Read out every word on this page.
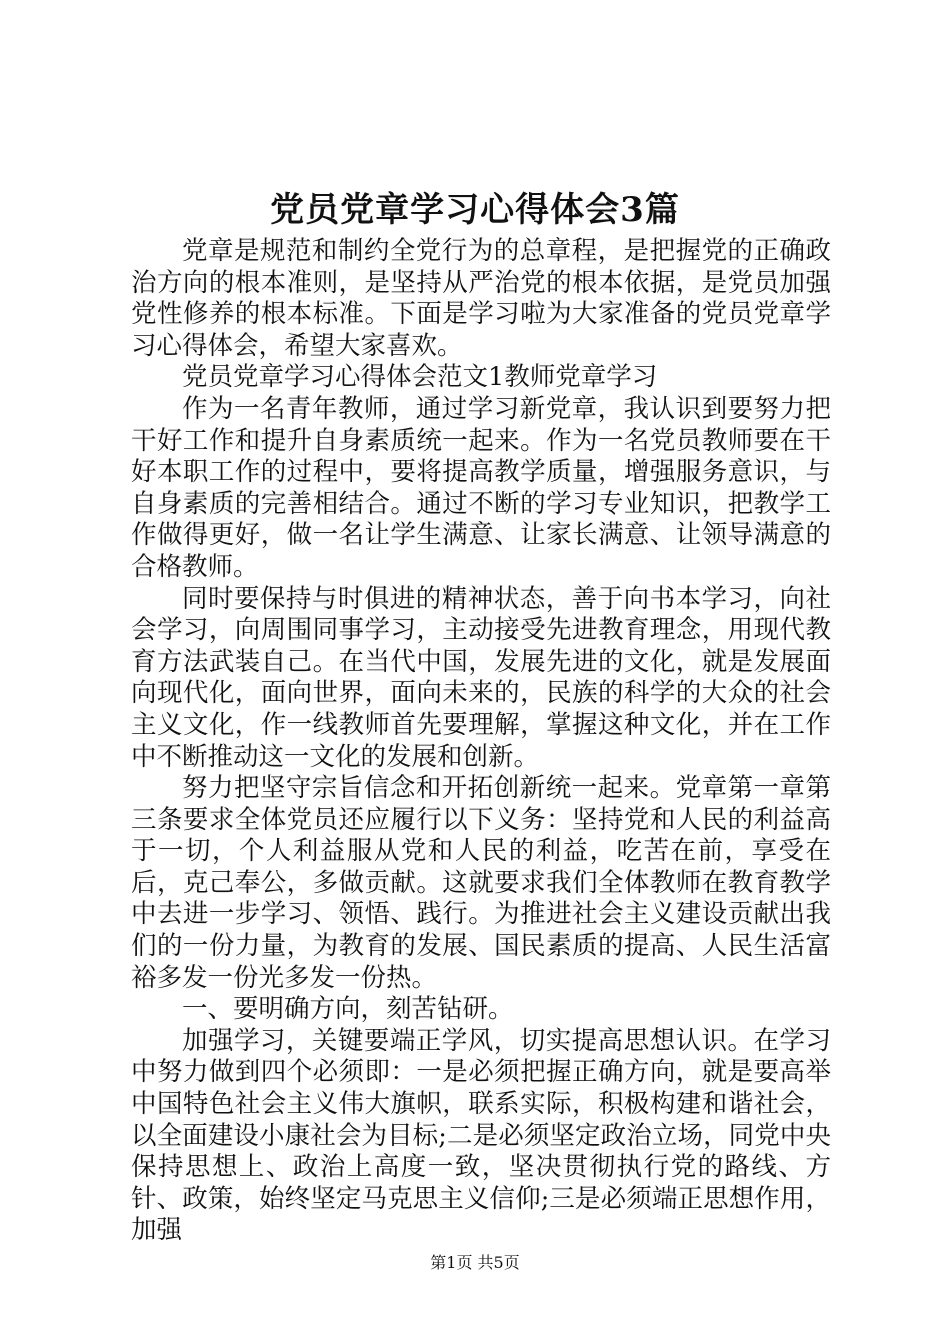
党员党章学习心得体会3篇

党章是规范和制约全党行为的总章程，是把握党的正确政治方向的根本准则，是坚持从严治党的根本依据，是党员加强党性修养的根本标准。下面是学习啦为大家准备的党员党章学习心得体会，希望大家喜欢。

党员党章学习心得体会范文1教师党章学习

作为一名青年教师，通过学习新党章，我认识到要努力把干好工作和提升自身素质统一起来。作为一名党员教师要在干好本职工作的过程中，要将提高教学质量，增强服务意识，与自身素质的完善相结合。通过不断的学习专业知识，把教学工作做得更好，做一名让学生满意、让家长满意、让领导满意的合格教师。

同时要保持与时俱进的精神状态，善于向书本学习，向社会学习，向周围同事学习，主动接受先进教育理念，用现代教育方法武装自己。在当代中国，发展先进的文化，就是发展面向现代化，面向世界，面向未来的，民族的科学的大众的社会主义文化，作一线教师首先要理解，掌握这种文化，并在工作中不断推动这一文化的发展和创新。

努力把坚守宗旨信念和开拓创新统一起来。党章第一章第三条要求全体党员还应履行以下义务：坚持党和人民的利益高于一切，个人利益服从党和人民的利益，吃苦在前，享受在后，克己奉公，多做贡献。这就要求我们全体教师在教育教学中去进一步学习、领悟、践行。为推进社会主义建设贡献出我们的一份力量，为教育的发展、国民素质的提高、人民生活富裕多发一份光多发一份热。

一、要明确方向，刻苦钻研。

加强学习，关键要端正学风，切实提高思想认识。在学习中努力做到四个必须即：一是必须把握正确方向，就是要高举中国特色社会主义伟大旗帜，联系实际，积极构建和谐社会，以全面建设小康社会为目标;二是必须坚定政治立场，同党中央保持思想上、政治上高度一致，坚决贯彻执行党的路线、方针、政策，始终坚定马克思主义信仰;三是必须端正思想作用，加强

第1页 共5页
